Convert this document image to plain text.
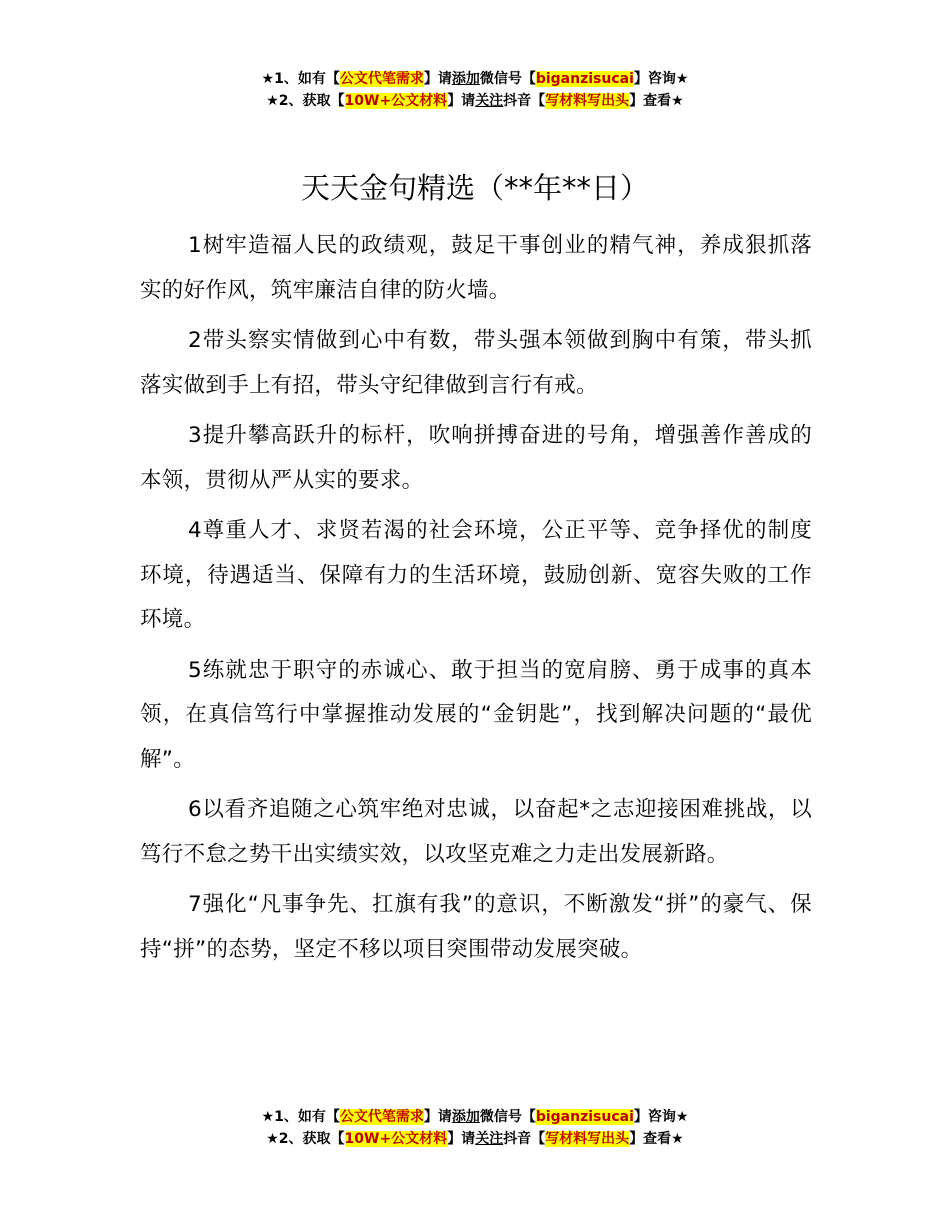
★1、如有【公文代笔需求】请添加微信号【biganzisucai】咨询★
★2、获取【10W+公文材料】请关注抖音【写材料写出头】查看★
天天金句精选（**年**日）

1树牢造福人民的政绩观，鼓足干事创业的精气神，养成狠抓落实的好作风，筑牢廉洁自律的防火墙。

2带头察实情做到心中有数，带头强本领做到胸中有策，带头抓落实做到手上有招，带头守纪律做到言行有戒。

3提升攀高跃升的标杆，吹响拼搏奋进的号角，增强善作善成的本领，贯彻从严从实的要求。

4尊重人才、求贤若渴的社会环境，公正平等、竞争择优的制度环境，待遇适当、保障有力的生活环境，鼓励创新、宽容失败的工作环境。

5练就忠于职守的赤诚心、敢于担当的宽肩膀、勇于成事的真本领，在真信笃行中掌握推动发展的“金钥匙”，找到解决问题的“最优解”。

6以看齐追随之心筑牢绝对忠诚，以奋起*之志迎接困难挑战，以笃行不怠之势干出实绩实效，以攻坚克难之力走出发展新路。

7强化“凡事争先、扛旗有我”的意识，不断激发“拼”的豪气、保持“拼”的态势，坚定不移以项目突围带动发展突破。

★1、如有【公文代笔需求】请添加微信号【biganzisucai】咨询★
★2、获取【10W+公文材料】请关注抖音【写材料写出头】查看★
